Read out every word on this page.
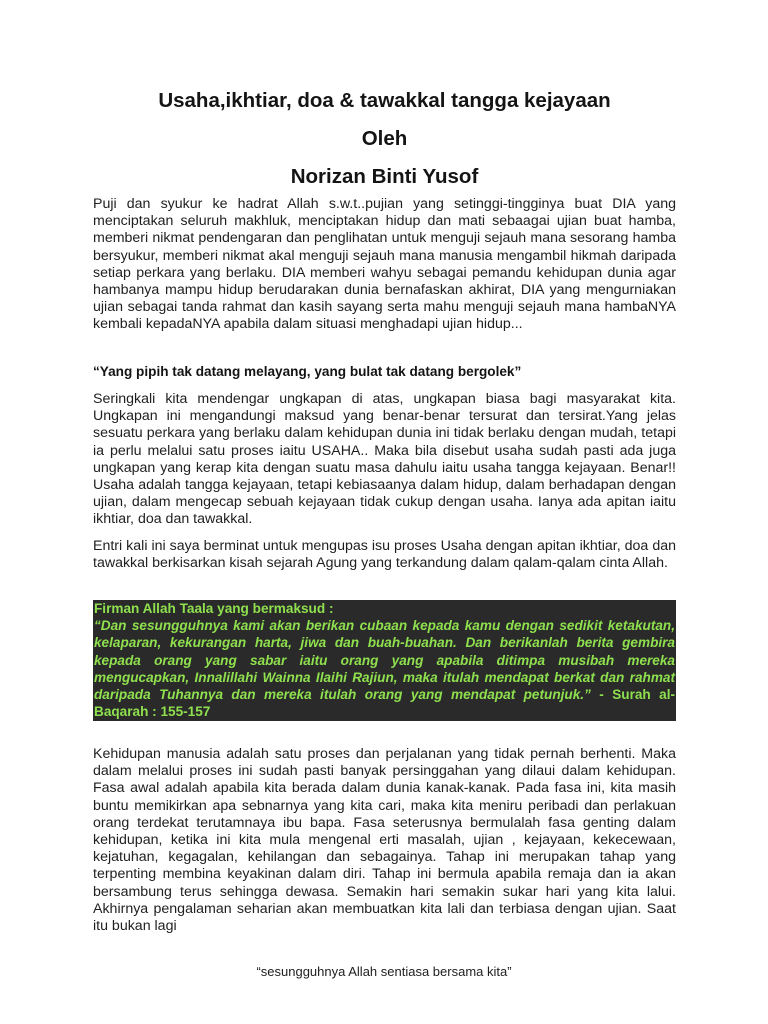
Usaha,ikhtiar, doa & tawakkal tangga kejayaan
Oleh
Norizan Binti Yusof

Puji dan syukur ke hadrat Allah s.w.t..pujian yang setinggi-tingginya buat DIA yang menciptakan seluruh makhluk, menciptakan hidup dan mati sebaagai ujian buat hamba, memberi nikmat pendengaran dan penglihatan untuk menguji sejauh mana sesorang hamba bersyukur, memberi nikmat akal menguji sejauh mana manusia mengambil hikmah daripada setiap perkara yang berlaku. DIA memberi wahyu sebagai pemandu kehidupan dunia agar hambanya mampu hidup berudarakan dunia bernafaskan akhirat, DIA yang mengurniakan ujian sebagai tanda rahmat dan kasih sayang serta mahu menguji sejauh mana hambaNYA kembali kepadaNYA apabila dalam situasi menghadapi ujian hidup...

“Yang pipih tak datang melayang, yang bulat tak datang bergolek”

Seringkali kita mendengar ungkapan di atas, ungkapan biasa bagi masyarakat kita. Ungkapan ini mengandungi maksud yang benar-benar tersurat dan tersirat.Yang jelas sesuatu perkara yang berlaku dalam kehidupan dunia ini tidak berlaku dengan mudah, tetapi ia perlu melalui satu proses iaitu USAHA.. Maka bila disebut usaha sudah pasti ada juga ungkapan yang kerap kita dengan suatu masa dahulu iaitu usaha tangga kejayaan. Benar!! Usaha adalah tangga kejayaan, tetapi kebiasaanya dalam hidup, dalam berhadapan dengan ujian, dalam mengecap sebuah kejayaan tidak cukup dengan usaha. Ianya ada apitan iaitu ikhtiar, doa dan tawakkal.

Entri kali ini saya berminat untuk mengupas isu proses Usaha dengan apitan ikhtiar, doa dan tawakkal berkisarkan kisah sejarah Agung yang terkandung dalam qalam-qalam cinta Allah.

Firman Allah Taala yang bermaksud :
“Dan sesungguhnya kami akan berikan cubaan kepada kamu dengan sedikit ketakutan, kelaparan, kekurangan harta, jiwa dan buah-buahan. Dan berikanlah berita gembira kepada orang yang sabar iaitu orang yang apabila ditimpa musibah mereka mengucapkan, Innalillahi Wainna Ilaihi Rajiun, maka itulah mendapat berkat dan rahmat daripada Tuhannya dan mereka itulah orang yang mendapat petunjuk.” - Surah al-Baqarah : 155-157

Kehidupan manusia adalah satu proses dan perjalanan yang tidak pernah berhenti. Maka dalam melalui proses ini sudah pasti banyak persinggahan yang dilaui dalam kehidupan. Fasa awal adalah apabila kita berada dalam dunia kanak-kanak. Pada fasa ini, kita masih buntu memikirkan apa sebnarnya yang kita cari, maka kita meniru peribadi dan perlakuan orang terdekat terutamnaya ibu bapa. Fasa seterusnya bermulalah fasa genting dalam kehidupan, ketika ini kita mula mengenal erti masalah, ujian , kejayaan, kekecewaan, kejatuhan, kegagalan, kehilangan dan sebagainya. Tahap ini merupakan tahap yang terpenting membina keyakinan dalam diri. Tahap ini bermula apabila remaja dan ia akan bersambung terus sehingga dewasa. Semakin hari semakin sukar hari yang kita lalui. Akhirnya pengalaman seharian akan membuatkan kita lali dan terbiasa dengan ujian. Saat itu bukan lagi

“sesungguhnya Allah sentiasa bersama kita”
